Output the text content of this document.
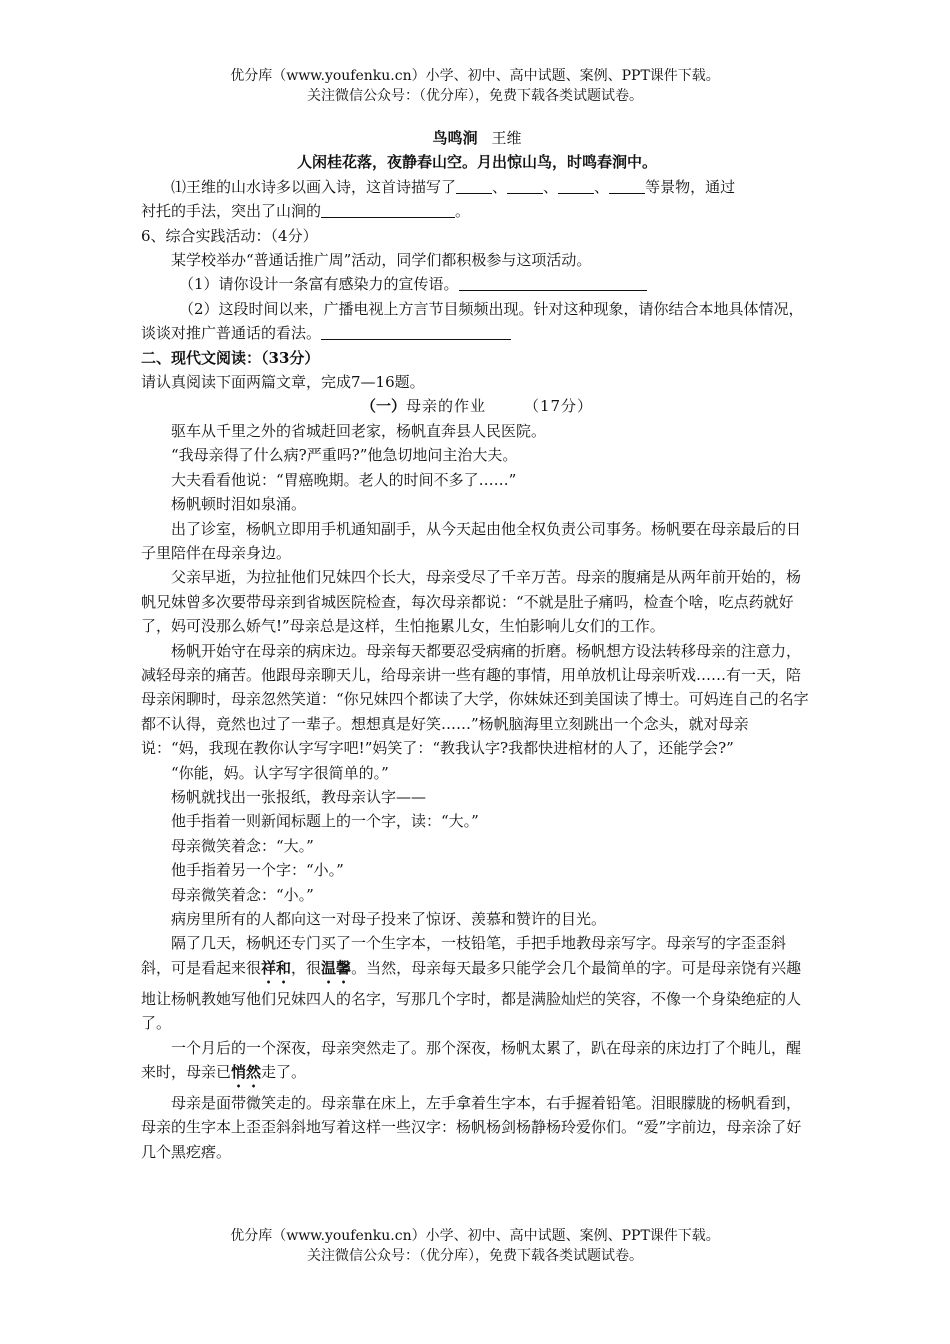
优分库（www.youfenku.cn）小学、初中、高中试题、案例、PPT课件下载。
关注微信公众号：（优分库），免费下载各类试题试卷。

鸟鸣涧 王维

人闲桂花落，夜静春山空。月出惊山鸟，时鸣春涧中。

⑴王维的山水诗多以画入诗，这首诗描写了 、 、 、 等景物，通过

衬托的手法，突出了山涧的	。

6、综合实践活动：（4分）

某学校举办“普通话推广周”活动，同学们都积极参与这项活动。

（1）请你设计一条富有感染力的宣传语。

（2）这段时间以来，广播电视上方言节目频频出现。针对这种现象，请你结合本地具体情况，谈谈对推广普通话的看法。

二、现代文阅读：（33分）

请认真阅读下面两篇文章，完成7—16题。

（一）母亲的作业	（17分）

驱车从千里之外的省城赶回老家，杨帆直奔县人民医院。

“我母亲得了什么病?严重吗?”他急切地问主治大夫。

大夫看看他说：“胃癌晚期。老人的时间不多了……”

杨帆顿时泪如泉涌。

出了诊室，杨帆立即用手机通知副手，从今天起由他全权负责公司事务。杨帆要在母亲最后的日子里陪伴在母亲身边。

父亲早逝，为拉扯他们兄妹四个长大，母亲受尽了千辛万苦。母亲的腹痛是从两年前开始的，杨帆兄妹曾多次要带母亲到省城医院检查，每次母亲都说：“不就是肚子痛吗，检查个啥，吃点药就好了，妈可没那么娇气!”母亲总是这样，生怕拖累儿女，生怕影响儿女们的工作。

杨帆开始守在母亲的病床边。母亲每天都要忍受病痛的折磨。杨帆想方设法转移母亲的注意力，减轻母亲的痛苦。他跟母亲聊天儿，给母亲讲一些有趣的事情，用单放机让母亲听戏……有一天，陪母亲闲聊时，母亲忽然笑道：“你兄妹四个都读了大学，你妹妹还到美国读了博士。可妈连自己的名字都不认得，竟然也过了一辈子。想想真是好笑……”杨帆脑海里立刻跳出一个念头，就对母亲说：“妈，我现在教你认字写字吧!”妈笑了：“教我认字?我都快进棺材的人了，还能学会?”

“你能，妈。认字写字很简单的。”

杨帆就找出一张报纸，教母亲认字——

他手指着一则新闻标题上的一个字，读：“大。”

母亲微笑着念：“大。”

他手指着另一个字：“小。”

母亲微笑着念：“小。”

病房里所有的人都向这一对母子投来了惊讶、羡慕和赞许的目光。

隔了几天，杨帆还专门买了一个生字本，一枝铅笔，手把手地教母亲写字。母亲写的字歪歪斜斜，可是看起来很祥和，很温馨。当然，母亲每天最多只能学会几个最简单的字。可是母亲饶有兴趣地让杨帆教她写他们兄妹四人的名字，写那几个字时，都是满脸灿烂的笑容，不像一个身染绝症的人了。

一个月后的一个深夜，母亲突然走了。那个深夜，杨帆太累了，趴在母亲的床边打了个盹儿，醒来时，母亲已悄然走了。

母亲是面带微笑走的。母亲靠在床上，左手拿着生字本，右手握着铅笔。泪眼朦胧的杨帆看到，母亲的生字本上歪歪斜斜地写着这样一些汉字：杨帆杨剑杨静杨玲爱你们。“爱”字前边，母亲涂了好几个黑疙瘩。

优分库（www.youfenku.cn）小学、初中、高中试题、案例、PPT课件下载。
关注微信公众号：（优分库），免费下载各类试题试卷。
